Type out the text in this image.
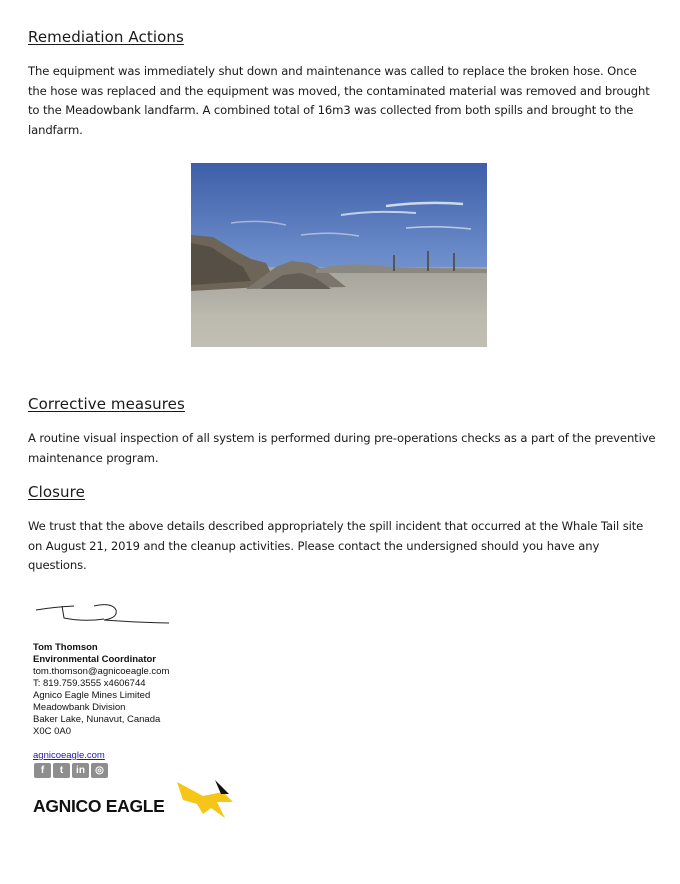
Remediation Actions

The equipment was immediately shut down and maintenance was called to replace the broken hose. Once the hose was replaced and the equipment was moved, the contaminated material was removed and brought to the Meadowbank landfarm. A combined total of 16m3 was collected from both spills and brought to the landfarm.

Corrective measures

A routine visual inspection of all system is performed during pre-operations checks as a part of the preventive maintenance program.

Closure

We trust that the above details described appropriately the spill incident that occurred at the Whale Tail site on August 21, 2019 and the cleanup activities. Please contact the undersigned should you have any questions.

Tom Thomson
Environmental Coordinator
tom.thomson@agnicoeagle.com
T: 819.759.3555 x4606744
Agnico Eagle Mines Limited
Meadowbank Division
Baker Lake, Nunavut, Canada
X0C 0A0
agnicoeagle.com
f	t	in	◎
AGNICO EAGLE
